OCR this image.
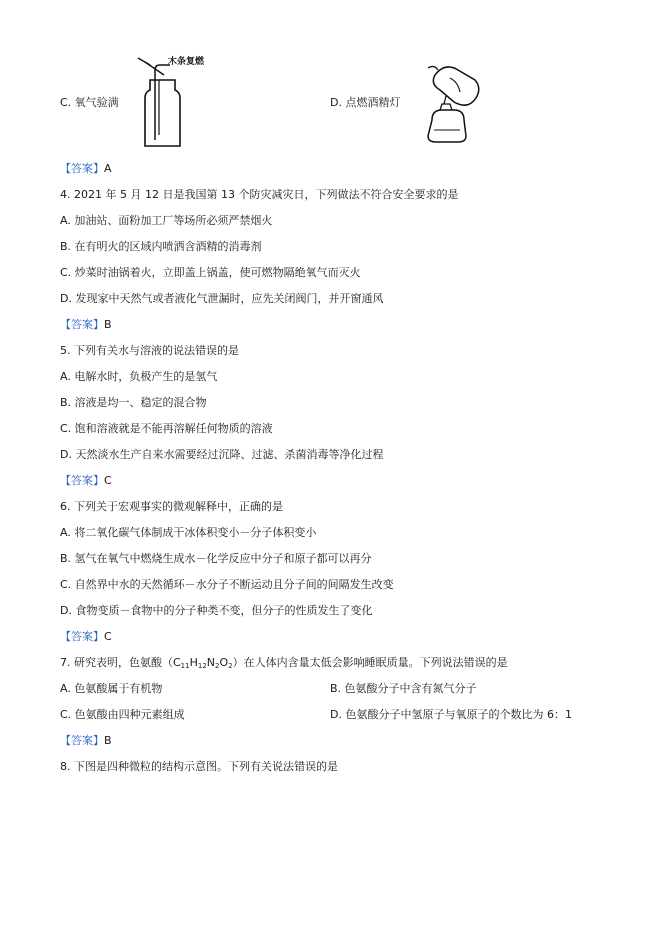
C. 氧气验满
木条复燃
D. 点燃酒精灯
【答案】A
4. 2021 年 5 月 12 日是我国第 13 个防灾减灾日，下列做法不符合安全要求的是
A. 加油站、面粉加工厂等场所必须严禁烟火
B. 在有明火的区域内喷洒含酒精的消毒剂
C. 炒菜时油锅着火，立即盖上锅盖，使可燃物隔绝氧气而灭火
D. 发现家中天然气或者液化气泄漏时，应先关闭阀门，并开窗通风
【答案】B
5. 下列有关水与溶液的说法错误的是
A. 电解水时，负极产生的是氢气
B. 溶液是均一、稳定的混合物
C. 饱和溶液就是不能再溶解任何物质的溶液
D. 天然淡水生产自来水需要经过沉降、过滤、杀菌消毒等净化过程
【答案】C
6. 下列关于宏观事实的微观解释中，正确的是
A. 将二氧化碳气体制成干冰体积变小－分子体积变小
B. 氢气在氧气中燃烧生成水－化学反应中分子和原子都可以再分
C. 自然界中水的天然循环－水分子不断运动且分子间的间隔发生改变
D. 食物变质－食物中的分子种类不变，但分子的性质发生了变化
【答案】C
7. 研究表明，色氨酸$(C_{11}H_{12}N_2O_2)$在人体内含量太低会影响睡眠质量。下列说法错误的是
A. 色氨酸属于有机物	B. 色氨酸分子中含有氮气分子
C. 色氨酸由四种元素组成	D. 色氨酸分子中氢原子与氧原子的个数比为 6：1
【答案】B
8. 下图是四种微粒的结构示意图。下列有关说法错误的是
